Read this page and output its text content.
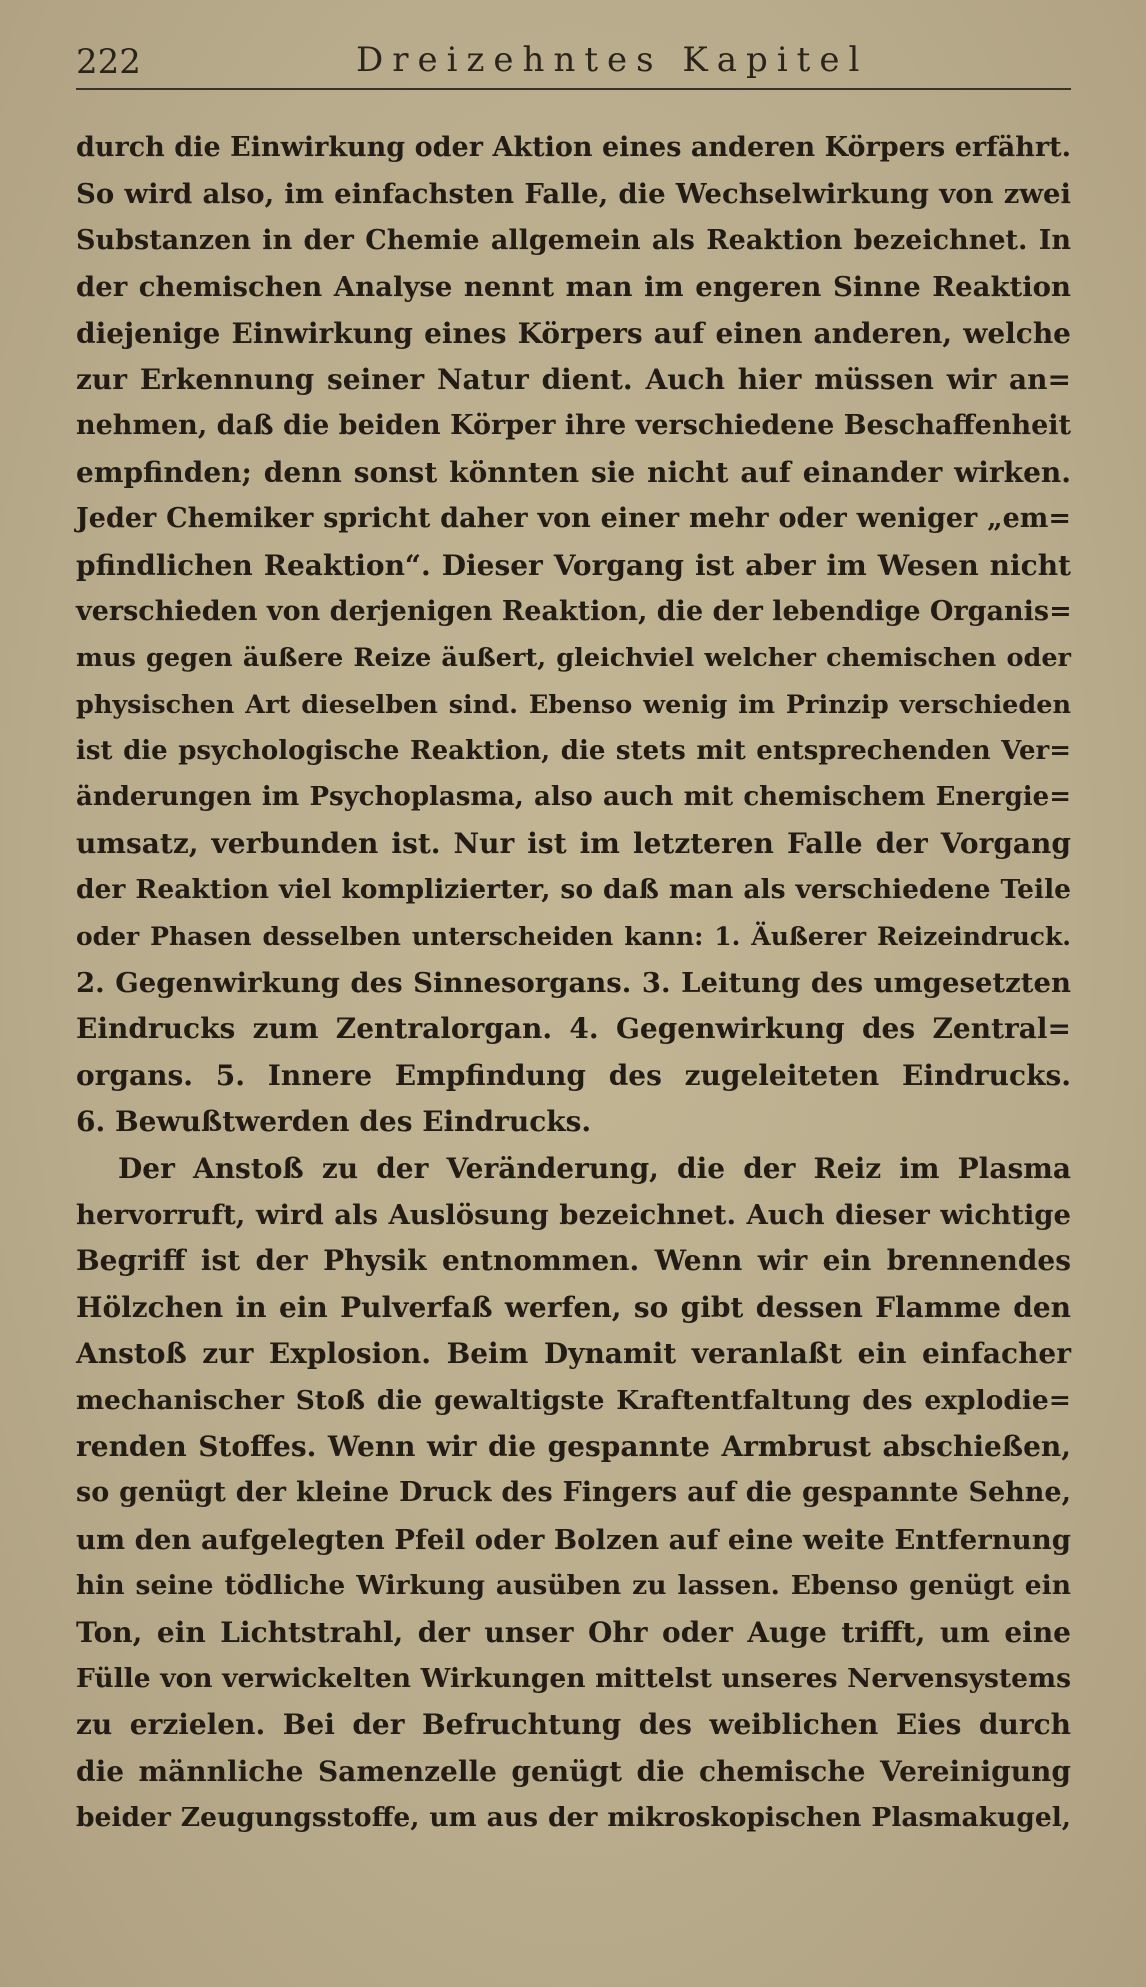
222	Dreizehntes Kapitel
durch die Einwirkung oder Aktion eines anderen Körpers erfährt.
So wird also, im einfachsten Falle, die Wechselwirkung von zwei
Substanzen in der Chemie allgemein als Reaktion bezeichnet. In
der chemischen Analyse nennt man im engeren Sinne Reaktion
diejenige Einwirkung eines Körpers auf einen anderen, welche
zur Erkennung seiner Natur dient. Auch hier müssen wir an=
nehmen, daß die beiden Körper ihre verschiedene Beschaffenheit
empfinden; denn sonst könnten sie nicht auf einander wirken.
Jeder Chemiker spricht daher von einer mehr oder weniger „em=
pfindlichen Reaktion“. Dieser Vorgang ist aber im Wesen nicht
verschieden von derjenigen Reaktion, die der lebendige Organis=
mus gegen äußere Reize äußert, gleichviel welcher chemischen oder
physischen Art dieselben sind. Ebenso wenig im Prinzip verschieden
ist die psychologische Reaktion, die stets mit entsprechenden Ver=
änderungen im Psychoplasma, also auch mit chemischem Energie=
umsatz, verbunden ist. Nur ist im letzteren Falle der Vorgang
der Reaktion viel komplizierter, so daß man als verschiedene Teile
oder Phasen desselben unterscheiden kann: 1. Äußerer Reizeindruck.
2. Gegenwirkung des Sinnesorgans. 3. Leitung des umgesetzten
Eindrucks zum Zentralorgan. 4. Gegenwirkung des Zentral=
organs. 5. Innere Empfindung des zugeleiteten Eindrucks.
6. Bewußtwerden des Eindrucks.
Der Anstoß zu der Veränderung, die der Reiz im Plasma
hervorruft, wird als Auslösung bezeichnet. Auch dieser wichtige
Begriff ist der Physik entnommen. Wenn wir ein brennendes
Hölzchen in ein Pulverfaß werfen, so gibt dessen Flamme den
Anstoß zur Explosion. Beim Dynamit veranlaßt ein einfacher
mechanischer Stoß die gewaltigste Kraftentfaltung des explodie=
renden Stoffes. Wenn wir die gespannte Armbrust abschießen,
so genügt der kleine Druck des Fingers auf die gespannte Sehne,
um den aufgelegten Pfeil oder Bolzen auf eine weite Entfernung
hin seine tödliche Wirkung ausüben zu lassen. Ebenso genügt ein
Ton, ein Lichtstrahl, der unser Ohr oder Auge trifft, um eine
Fülle von verwickelten Wirkungen mittelst unseres Nervensystems
zu erzielen. Bei der Befruchtung des weiblichen Eies durch
die männliche Samenzelle genügt die chemische Vereinigung
beider Zeugungsstoffe, um aus der mikroskopischen Plasmakugel,
